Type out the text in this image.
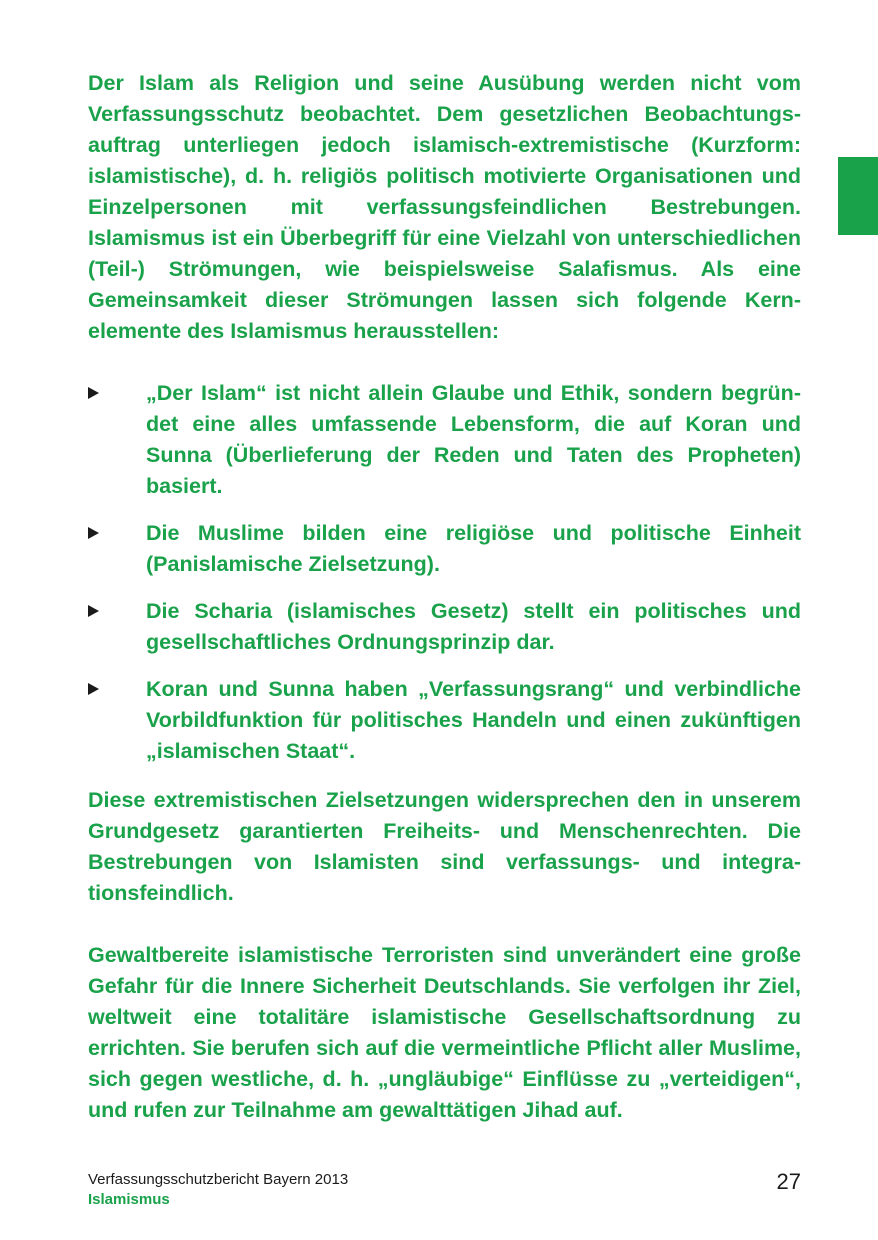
Der Islam als Religion und seine Ausübung werden nicht vom Verfassungsschutz beobachtet. Dem gesetzlichen Beobachtungsauftrag unterliegen jedoch islamisch-extremistische (Kurzform: islamistische), d. h. religiös politisch motivierte Organisationen und Einzelpersonen mit verfassungsfeindlichen Bestrebungen. Islamismus ist ein Überbegriff für eine Vielzahl von unterschiedlichen (Teil-) Strömungen, wie beispielsweise Salafismus. Als eine Gemeinsamkeit dieser Strömungen lassen sich folgende Kernelemente des Islamismus herausstellen:

„Der Islam“ ist nicht allein Glaube und Ethik, sondern begründet eine alles umfassende Lebensform, die auf Koran und Sunna (Überlieferung der Reden und Taten des Propheten) basiert.
Die Muslime bilden eine religiöse und politische Einheit (Panislamische Zielsetzung).
Die Scharia (islamisches Gesetz) stellt ein politisches und gesellschaftliches Ordnungsprinzip dar.
Koran und Sunna haben „Verfassungsrang“ und verbindliche Vorbildfunktion für politisches Handeln und einen zukünftigen „islamischen Staat“.

Diese extremistischen Zielsetzungen widersprechen den in unserem Grundgesetz garantierten Freiheits- und Menschenrechten. Die Bestrebungen von Islamisten sind verfassungs- und integrationsfeindlich.

Gewaltbereite islamistische Terroristen sind unverändert eine große Gefahr für die Innere Sicherheit Deutschlands. Sie verfolgen ihr Ziel, weltweit eine totalitäre islamistische Gesellschaftsordnung zu errichten. Sie berufen sich auf die vermeintliche Pflicht aller Muslime, sich gegen westliche, d. h. „ungläubige“ Einflüsse zu „verteidigen“, und rufen zur Teilnahme am gewalttätigen Jihad auf.

Verfassungsschutzbericht Bayern 2013
Islamismus
27
